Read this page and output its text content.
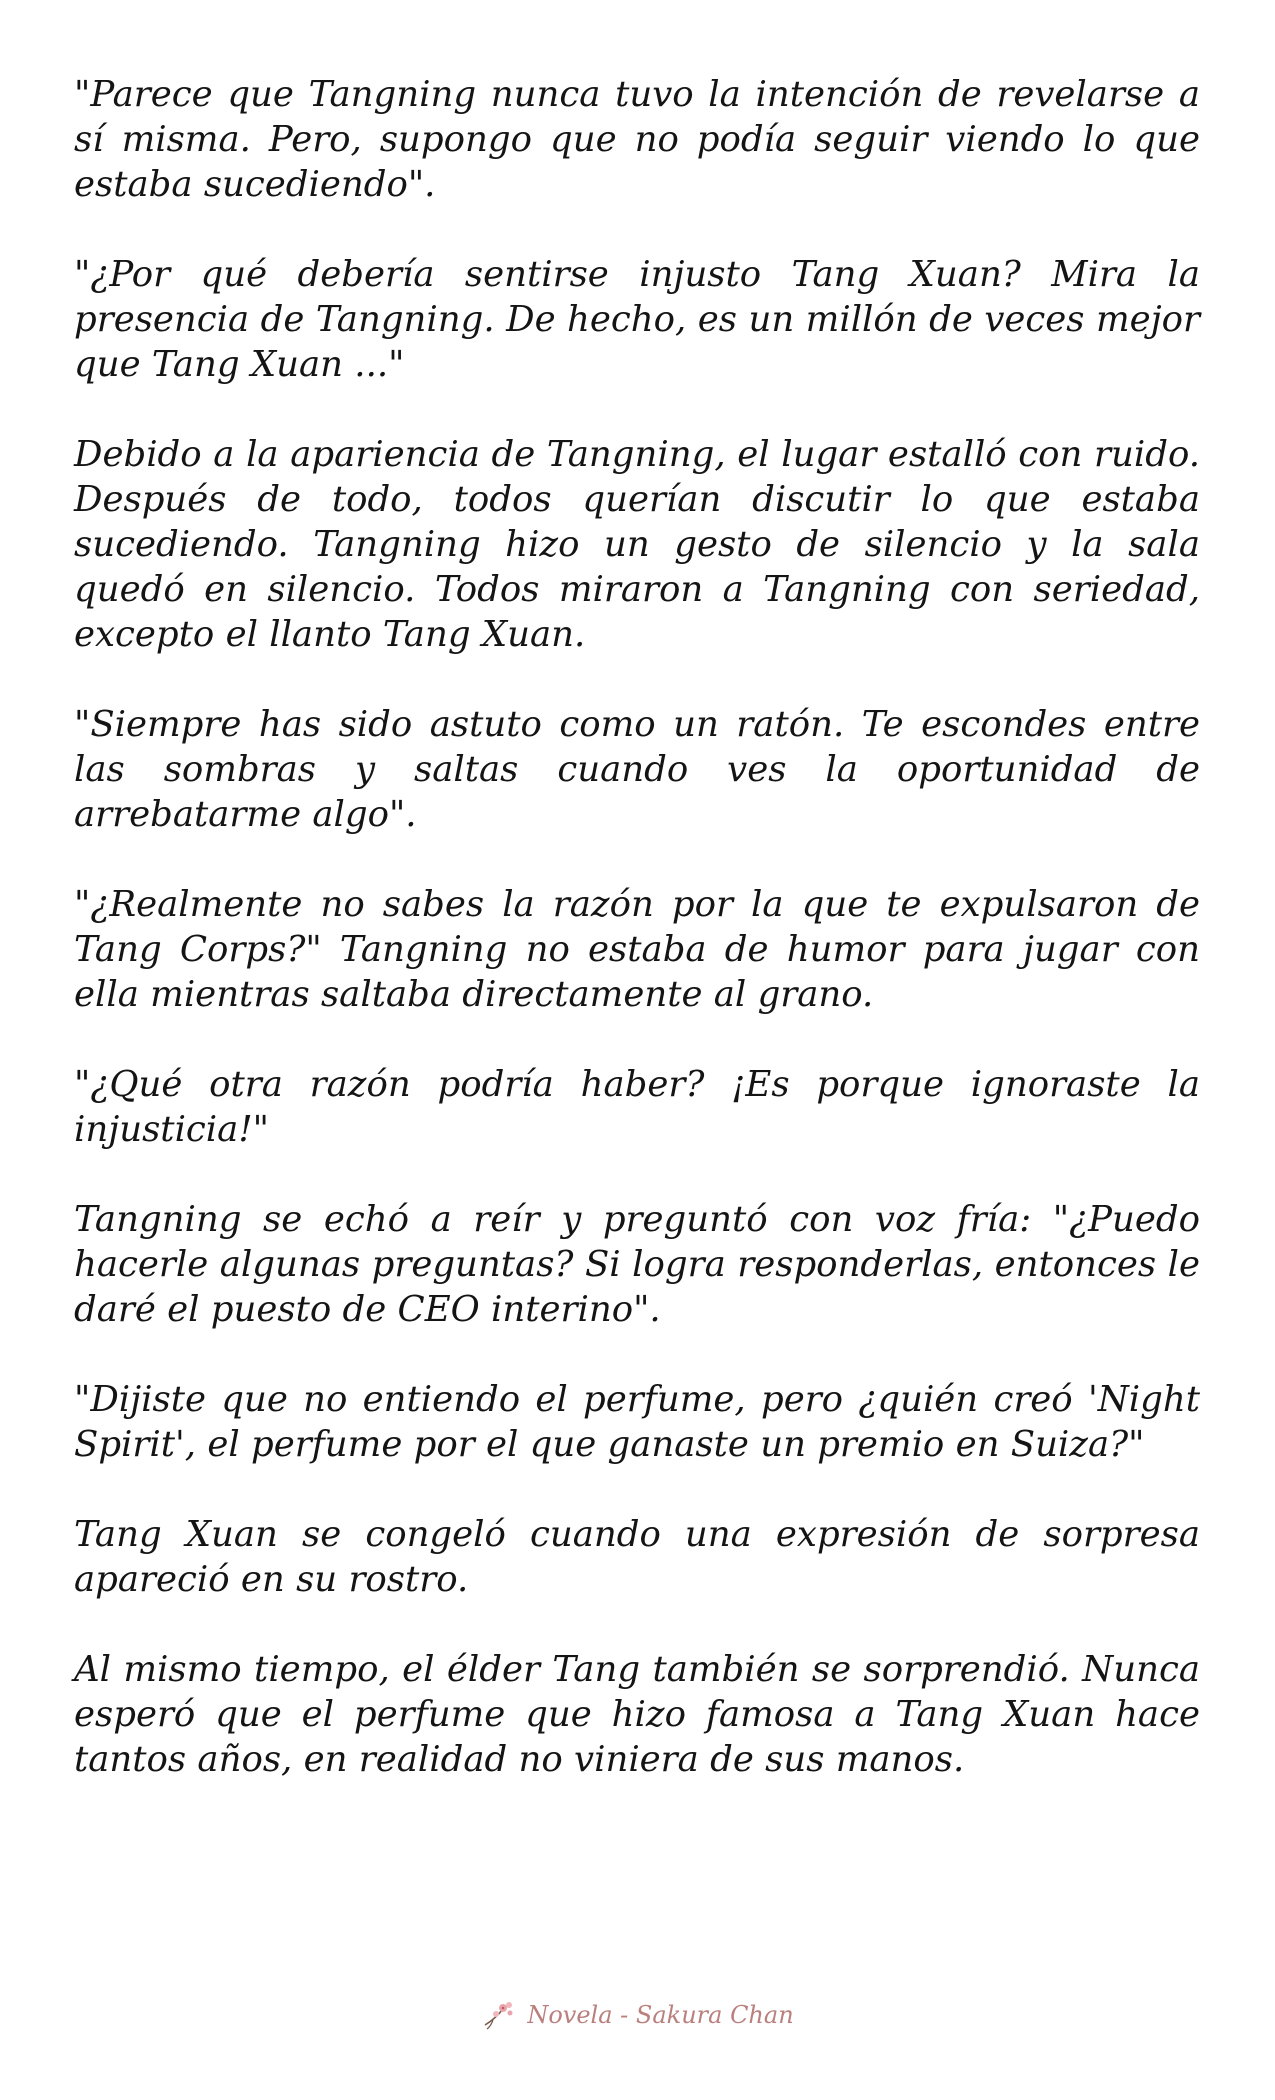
"Parece que Tangning nunca tuvo la intención de revelarse a sí misma. Pero, supongo que no podía seguir viendo lo que estaba sucediendo".

"¿Por qué debería sentirse injusto Tang Xuan? Mira la presencia de Tangning. De hecho, es un millón de veces mejor que Tang Xuan ..."

Debido a la apariencia de Tangning, el lugar estalló con ruido. Después de todo, todos querían discutir lo que estaba sucediendo. Tangning hizo un gesto de silencio y la sala quedó en silencio. Todos miraron a Tangning con seriedad, excepto el llanto Tang Xuan.

"Siempre has sido astuto como un ratón. Te escondes entre las sombras y saltas cuando ves la oportunidad de arrebatarme algo".

"¿Realmente no sabes la razón por la que te expulsaron de Tang Corps?" Tangning no estaba de humor para jugar con ella mientras saltaba directamente al grano.

"¿Qué otra razón podría haber? ¡Es porque ignoraste la injusticia!"

Tangning se echó a reír y preguntó con voz fría: "¿Puedo hacerle algunas preguntas? Si logra responderlas, entonces le daré el puesto de CEO interino".

"Dijiste que no entiendo el perfume, pero ¿quién creó 'Night Spirit', el perfume por el que ganaste un premio en Suiza?"

Tang Xuan se congeló cuando una expresión de sorpresa apareció en su rostro.

Al mismo tiempo, el élder Tang también se sorprendió. Nunca esperó que el perfume que hizo famosa a Tang Xuan hace tantos años, en realidad no viniera de sus manos.

Novela - Sakura Chan
